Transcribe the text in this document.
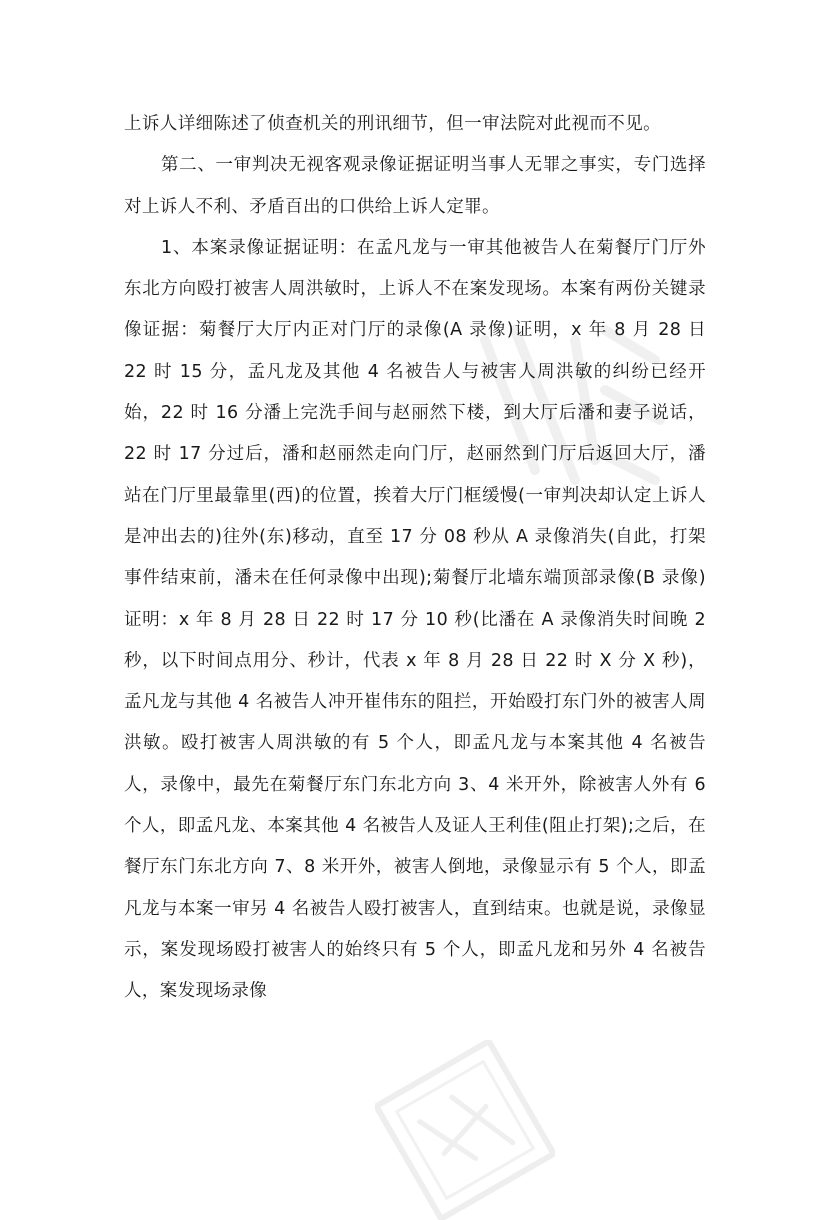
上诉人详细陈述了侦查机关的刑讯细节，但一审法院对此视而不见。

第二、一审判决无视客观录像证据证明当事人无罪之事实，专门选择对上诉人不利、矛盾百出的口供给上诉人定罪。

1、本案录像证据证明：在孟凡龙与一审其他被告人在菊餐厅门厅外东北方向殴打被害人周洪敏时，上诉人不在案发现场。本案有两份关键录像证据：菊餐厅大厅内正对门厅的录像(A 录像)证明，x 年 8 月 28 日 22 时 15 分，孟凡龙及其他 4 名被告人与被害人周洪敏的纠纷已经开始，22 时 16 分潘上完洗手间与赵丽然下楼，到大厅后潘和妻子说话，22 时 17 分过后，潘和赵丽然走向门厅，赵丽然到门厅后返回大厅，潘站在门厅里最靠里(西)的位置，挨着大厅门框缓慢(一审判决却认定上诉人是冲出去的)往外(东)移动，直至 17 分 08 秒从 A 录像消失(自此，打架事件结束前，潘未在任何录像中出现);菊餐厅北墙东端顶部录像(B 录像)证明：x 年 8 月 28 日 22 时 17 分 10 秒(比潘在 A 录像消失时间晚 2 秒，以下时间点用分、秒计，代表 x 年 8 月 28 日 22 时 X 分 X 秒)，孟凡龙与其他 4 名被告人冲开崔伟东的阻拦，开始殴打东门外的被害人周洪敏。殴打被害人周洪敏的有 5 个人，即孟凡龙与本案其他 4 名被告人，录像中，最先在菊餐厅东门东北方向 3、4 米开外，除被害人外有 6 个人，即孟凡龙、本案其他 4 名被告人及证人王利佳(阻止打架);之后，在餐厅东门东北方向 7、8 米开外，被害人倒地，录像显示有 5 个人，即孟凡龙与本案一审另 4 名被告人殴打被害人，直到结束。也就是说，录像显示，案发现场殴打被害人的始终只有 5 个人，即孟凡龙和另外 4 名被告人，案发现场录像
